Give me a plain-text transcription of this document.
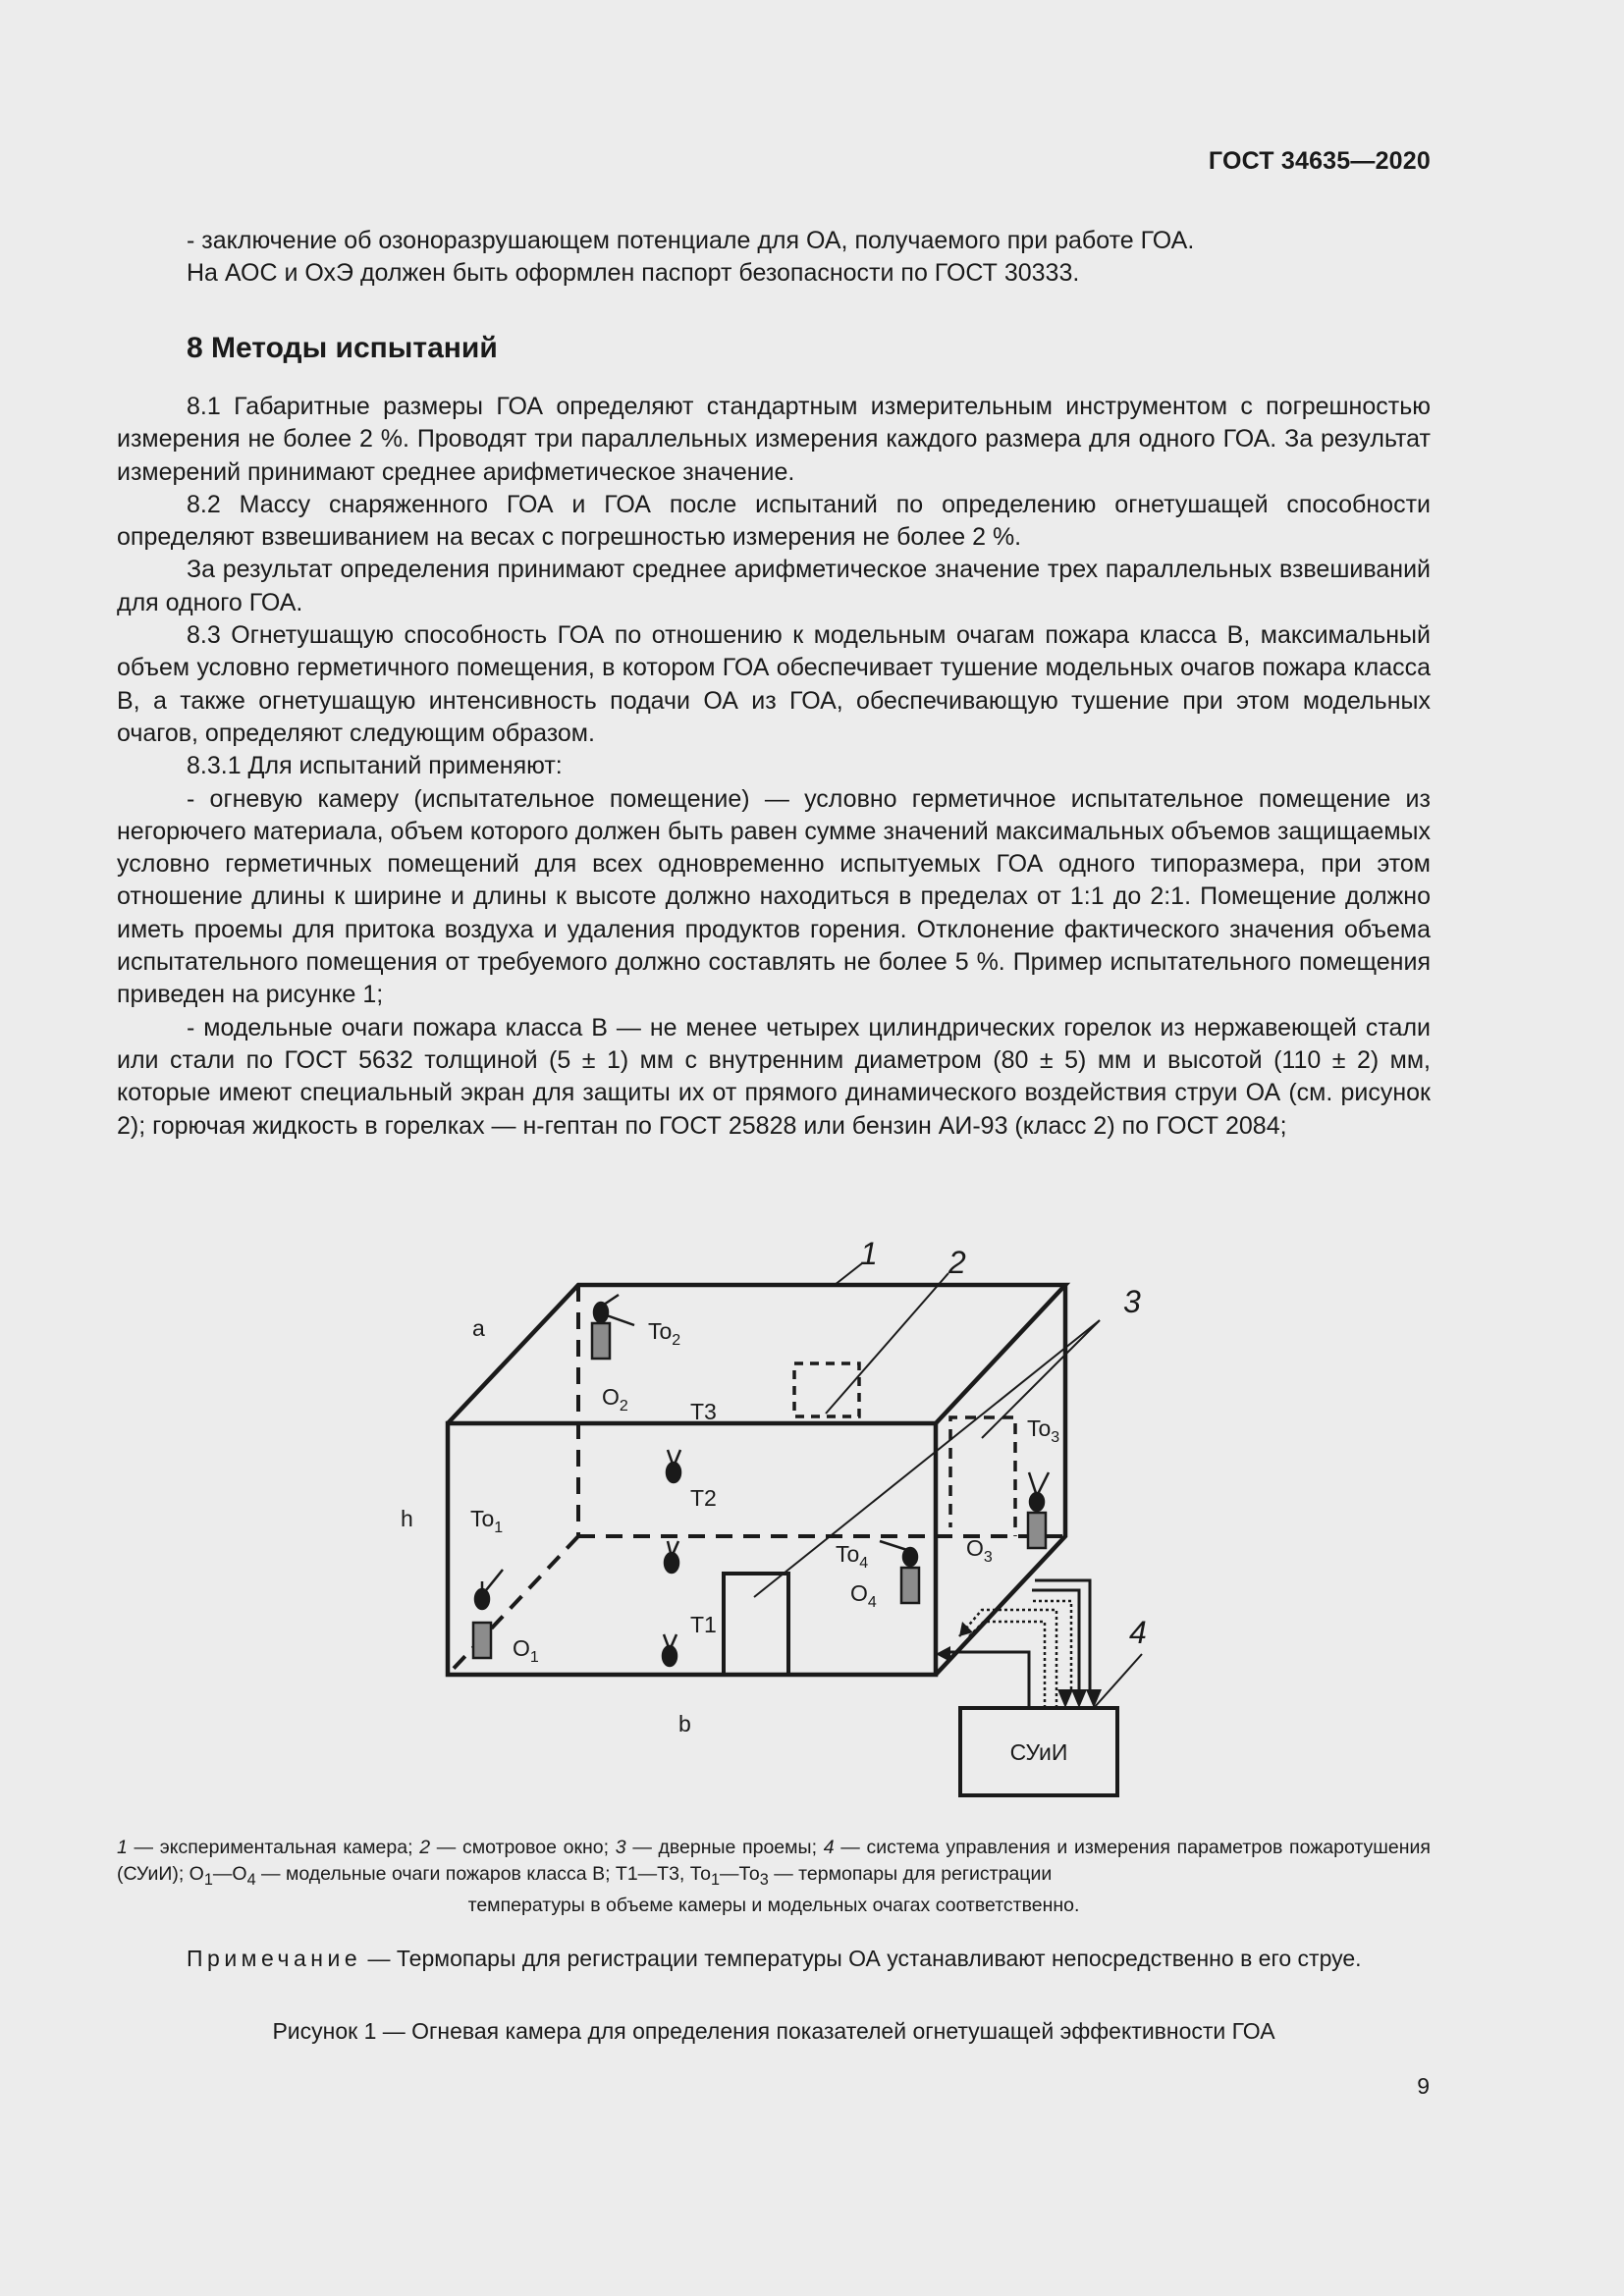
ГОСТ 34635—2020

- заключение об озоноразрушающем потенциале для ОА, получаемого при работе ГОА.

На АОС и ОхЭ должен быть оформлен паспорт безопасности по ГОСТ 30333.

8 Методы испытаний

8.1 Габаритные размеры ГОА определяют стандартным измерительным инструментом с погрешностью измерения не более 2 %. Проводят три параллельных измерения каждого размера для одного ГОА. За результат измерений принимают среднее арифметическое значение.

8.2 Массу снаряженного ГОА и ГОА после испытаний по определению огнетушащей способности определяют взвешиванием на весах с погрешностью измерения не более 2 %.

За результат определения принимают среднее арифметическое значение трех параллельных взвешиваний для одного ГОА.

8.3 Огнетушащую способность ГОА по отношению к модельным очагам пожара класса В, максимальный объем условно герметичного помещения, в котором ГОА обеспечивает тушение модельных очагов пожара класса В, а также огнетушащую интенсивность подачи ОА из ГОА, обеспечивающую тушение при этом модельных очагов, определяют следующим образом.

8.3.1 Для испытаний применяют:

- огневую камеру (испытательное помещение) — условно герметичное испытательное помещение из негорючего материала, объем которого должен быть равен сумме значений максимальных объемов защищаемых условно герметичных помещений для всех одновременно испытуемых ГОА одного типоразмера, при этом отношение длины к ширине и длины к высоте должно находиться в пределах от 1:1 до 2:1. Помещение должно иметь проемы для притока воздуха и удаления продуктов горения. Отклонение фактического значения объема испытательного помещения от требуемого должно составлять не более 5 %. Пример испытательного помещения приведен на рисунке 1;

- модельные очаги пожара класса В — не менее четырех цилиндрических горелок из нержавеющей стали или стали по ГОСТ 5632 толщиной (5 ± 1) мм с внутренним диаметром (80 ± 5) мм и высотой (110 ± 2) мм, которые имеют специальный экран для защиты их от прямого динамического воздействия струи ОА (см. рисунок 2); горючая жидкость в горелках — н-гептан по ГОСТ 25828 или бензин АИ-93 (класс 2) по ГОСТ 2084;

СУиИ
1 2
3
4
a
h
b
$To_2$
$O_2$	T3
T2
T1
$To_1$
$O_1$
$To_3$
$O_3$
$To_4$
$O_4$
1 — экспериментальная камера; 2 — смотровое окно; 3 — дверные проемы; 4 — система управления и измерения параметров пожаротушения (СУиИ); $О_1—О_4$ — модельные очаги пожаров класса В; Т1—Т3, $То_1—То_3$ — термопары для регистрации
температуры в объеме камеры и модельных очагах соответственно.
Примечание — Термопары для регистрации температуры ОА устанавливают непосредственно в его струе.
Рисунок 1 — Огневая камера для определения показателей огнетушащей эффективности ГОА
9
